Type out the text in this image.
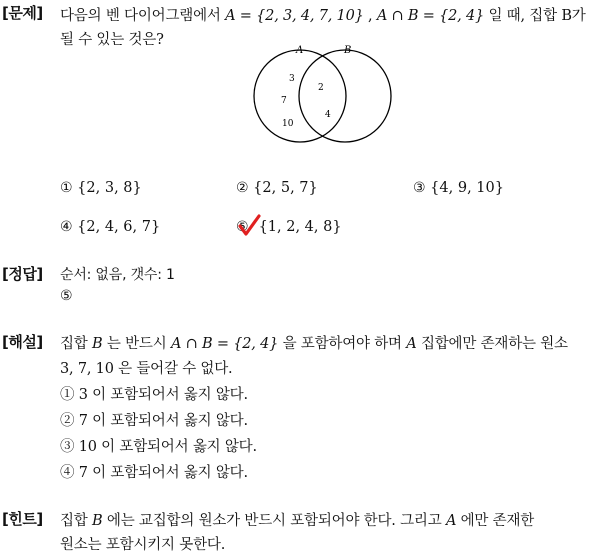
[문제] 다음의 벤 다이어그램에서 A = {2, 3, 4, 7, 10} , A ∩ B = {2, 4} 일 때, 집합 B가
될 수 있는 것은?
A	B
3
7
10
2
4
① {2, 3, 8}	② {2, 5, 7}	③ {4, 9, 10}
④ {2, 4, 6, 7}	⑤ {1, 2, 4, 8}
[정답] 순서: 없음, 갯수: 1
⑤
[해설] 집합 B 는 반드시 A ∩ B = {2, 4} 을 포함하여야 하며 A 집합에만 존재하는 원소
3, 7, 10 은 들어갈 수 없다.
① 3 이 포함되어서 옳지 않다.
② 7 이 포함되어서 옳지 않다.
③ 10 이 포함되어서 옳지 않다.
④ 7 이 포함되어서 옳지 않다.
[힌트] 집합 B 에는 교집합의 원소가 반드시 포함되어야 한다. 그리고 A 에만 존재한
원소는 포함시키지 못한다.
